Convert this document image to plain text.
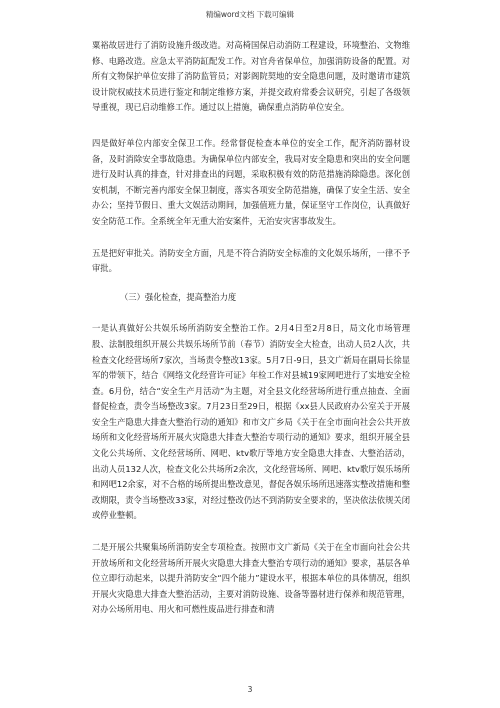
精编word文档 下载可编辑

粟裕故居进行了消防设施升级改造。对高椅国保启动消防工程建设，环境整治、文物维修、电路改造。应急太平消防缸配发工作。对官舟省保单位，加强消防设备的配置。对所有文物保护单位安排了消防监管员；对影阁院契地的安全隐患问题，及时邀请市建筑设计院权威技术员进行鉴定和制定维修方案，并提交政府常委会议研究，引起了各级领导重视，现已启动维修工作。通过以上措施，确保重点消防单位安全。

四是做好单位内部安全保卫工作。经常督促检查本单位的安全工作，配齐消防器材设备，及时消除安全事故隐患。为确保单位内部安全，我局对安全隐患和突出的安全问题进行及时认真的排查，针对排查出的问题，采取积极有效的防范措施消除隐患。深化创安机制，不断完善内部安全保卫制度，落实各项安全防范措施，确保了安全生活、安全办公；坚持节假日、重大文娱活动期间，加强值班力量，保证坚守工作岗位，认真做好安全防范工作。全系统全年无重大治安案件，无治安灾害事故发生。

五是把好审批关。消防安全方面，凡是不符合消防安全标准的文化娱乐场所，一律不予审批。

（三）强化检查，提高整治力度

一是认真做好公共娱乐场所消防安全整治工作。2月4日至2月8日，局文化市场管理股、法制股组织开展公共娱乐场所节前（春节）消防安全大检查，出动人员2人次，共检查文化经营场所7家次，当场责令整改13家。5月7日-9日，县文广新局在副局长徐显军的带领下，结合《网络文化经营许可证》年检工作对县城19家网吧进行了实地安全检查。6月份，结合“安全生产月活动”为主题，对全县文化经营场所进行重点抽查、全面督促检查，责令当场整改3家。7月23日至29日，根据《xx县人民政府办公室关于开展安全生产隐患大排查大整治行动的通知》和市文广乡局《关于在全市面向社会公共开放场所和文化经营场所开展火灾隐患大排查大整治专项行动的通知》要求，组织开展全县文化公共场所、文化经营场所、网吧、ktv歌厅等地方安全隐患大排查、大整治活动，出动人员132人次，检查文化公共场所2余次，文化经营场所、网吧、ktv歌厅娱乐场所和网吧12余家，对不合格的场所提出整改意见，督促各娱乐场所迅速落实整改措施和整改期限，责令当场整改33家，对经过整改仍达不到消防安全要求的，坚决依法依规关闭或停业整顿。

二是开展公共聚集场所消防安全专项检查。按照市文广新局《关于在全市面向社会公共开放场所和文化经营场所开展火灾隐患大排查大整治专项行动的通知》要求，基层各单位立即行动起来，以提升消防安全“四个能力”建设水平，根据本单位的具体情况，组织开展火灾隐患大排查大整治活动，主要对消防设施、设备等器材进行保养和规范管理，对办公场所用电、用火和可燃性废品进行排查和清

3
